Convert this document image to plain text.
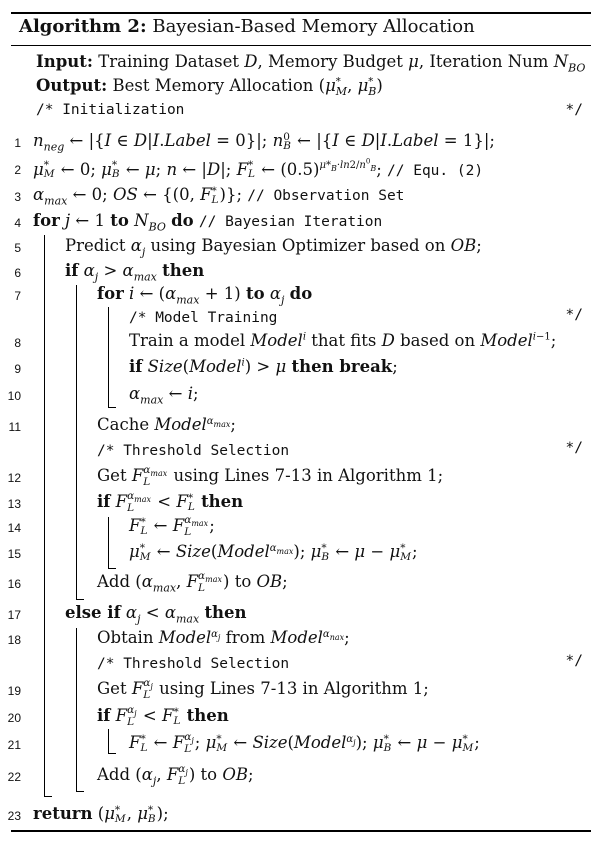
Algorithm 2: Bayesian-Based Memory Allocation
Input: Training Dataset D, Memory Budget μ, Iteration Num $N_{BO}$
Output: Best Memory Allocation ($\mu^*_M$, $\mu^*_B$)
/* Initialization	*/
1 $n_{neg}$ ← |{I ∈ D|I.Label = 0}|; n 0
B ← |{I ∈ D|I.Label = 1}|;
2 μ *
M ← 0; μ *
B ← μ; n ← |D|; F *
L ← $(0.5)^{\mu*_B\cdot ln2/n^0_B}$; // Equ. (2)
3 $\alpha_{max}$ ← 0; OS ← {(0, F *
L )}; // Observation Set
4 for j ← 1 to $N_{BO}$ do // Bayesian Iteration
5	Predict $\alpha_j$ using Bayesian Optimizer based on OB;
6	if $\alpha_j > \alpha_{max}$ then
7	for i ← $(\alpha_{max} + 1)$ to $\alpha_j$ do
/* Model Training	*/
8	Train a model Model$^i$ that fits D based on Model$^{i-1}$;
9	if Size(Model$^i$) > μ then break;
10	$\alpha_{max}$ ← i;
11	Cache Model$^{\alpha_{max}}$;
/* Threshold Selection	*/
12	Get F $\alpha_{max}$
L	using Lines 7-13 in Algorithm 1;
13	if F $\alpha_{max}$
L	< F *
L then
14	F *
L ← F $\alpha_{max}$
L	;
15	μ *
M ← Size(Model$^{\alpha_{max}}$); μ *
B ← μ − μ *
M ;
16	Add ($\alpha_{max}$, F $\alpha_{max}$
L	) to OB;
17	else if $\alpha_j < \alpha_{max}$ then
18	Obtain Model$^{\alpha_j}$ from Model$^{\alpha_{nax}}$;
/* Threshold Selection	*/
19	Get F $\alpha_j$
L using Lines 7-13 in Algorithm 1;
20	if F $\alpha_j$
L < F *
L then
21	F *
L ← F $\alpha_j$
L ; μ *
M ← Size(Model$^{\alpha_j}$); μ *
B ← μ − μ *
M ;
22	Add ($\alpha_j$, F $\alpha_j$
L ) to OB;
23 return (μ *
M , μ *
B );
